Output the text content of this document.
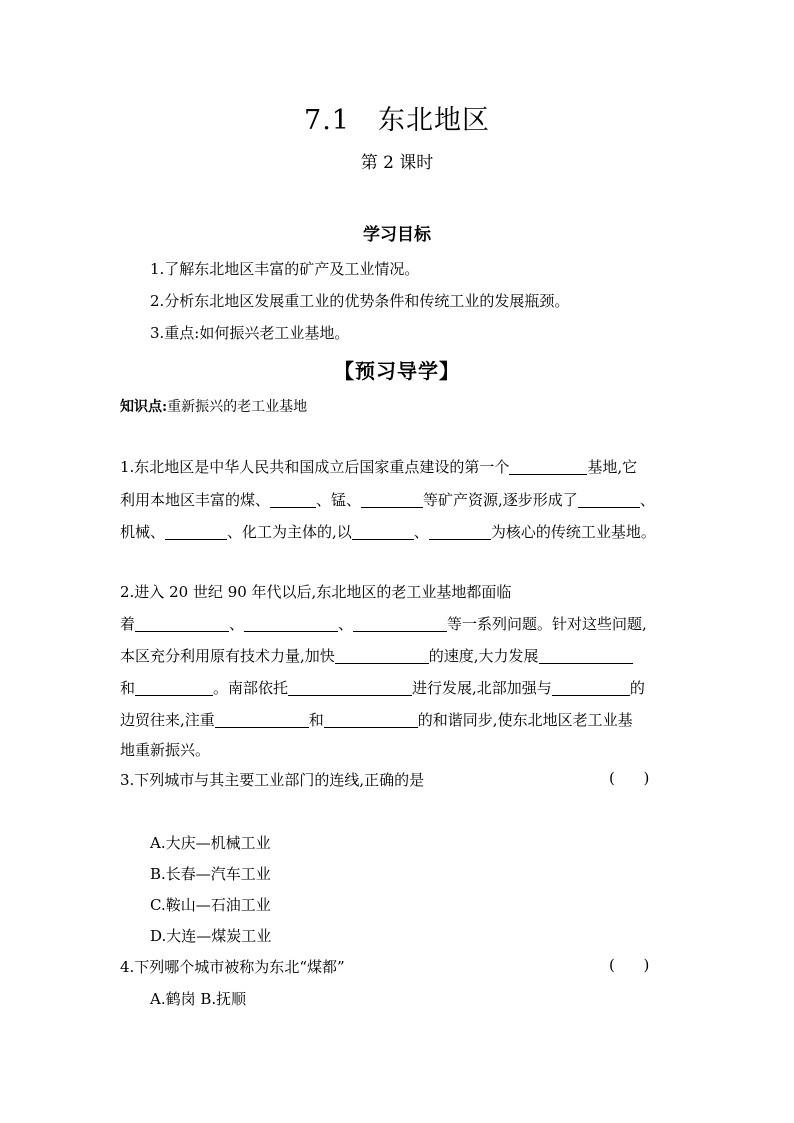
7.1 东北地区
第 2 课时
学习目标
1.了解东北地区丰富的矿产及工业情况。
2.分析东北地区发展重工业的优势条件和传统工业的发展瓶颈。
3.重点:如何振兴老工业基地。
【预习导学】
知识点:重新振兴的老工业基地
1.东北地区是中华人民共和国成立后国家重点建设的第一个	基地,它
利用本地区丰富的煤、	、锰、	等矿产资源,逐步形成了	、
机械、	、化工为主体的,以	、	为核心的传统工业基地。
2.进入 20 世纪 90 年代以后,东北地区的老工业基地都面临
着	、	、	等一系列问题。针对这些问题,
本区充分利用原有技术力量,加快	的速度,大力发展
和	。南部依托	进行发展,北部加强与	的
边贸往来,注重	和	的和谐同步,使东北地区老工业基
地重新振兴。
3.下列城市与其主要工业部门的连线,正确的是	(      )
A.大庆—机械工业
B.长春—汽车工业
C.鞍山—石油工业
D.大连—煤炭工业
4.下列哪个城市被称为东北“煤都”	(      )
A.鹤岗 B.抚顺
